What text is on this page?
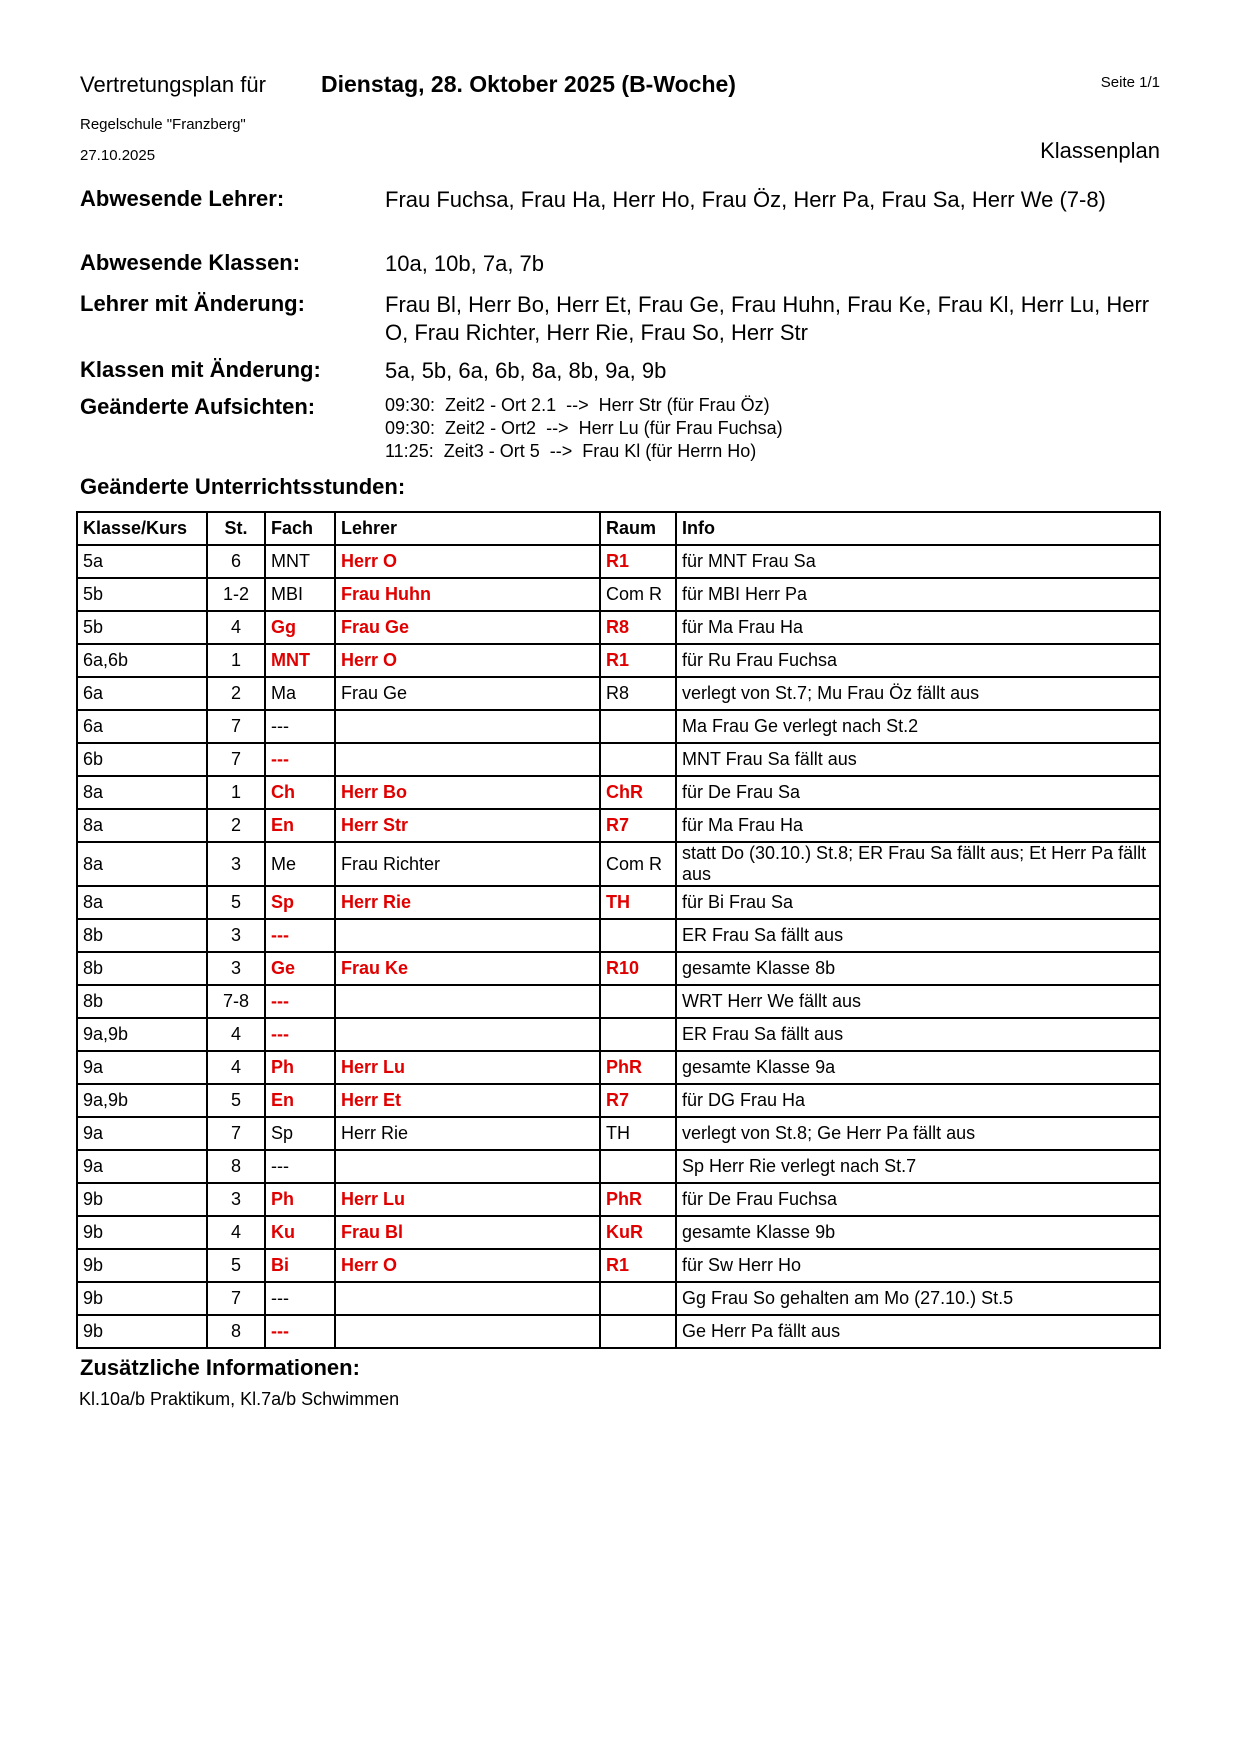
Vertretungsplan für Dienstag, 28. Oktober 2025 (B-Woche)	Seite 1/1
Regelschule "Franzberg"
27.10.2025	Klassenplan
Abwesende Lehrer:	Frau Fuchsa, Frau Ha, Herr Ho, Frau Öz, Herr Pa, Frau Sa, Herr We (7-8)
Abwesende Klassen:	10a, 10b, 7a, 7b
Lehrer mit Änderung:	Frau Bl, Herr Bo, Herr Et, Frau Ge, Frau Huhn, Frau Ke, Frau Kl, Herr Lu, Herr O, Frau Richter, Herr Rie, Frau So, Herr Str
Klassen mit Änderung:	5a, 5b, 6a, 6b, 8a, 8b, 9a, 9b
Geänderte Aufsichten:	09:30:  Zeit2 - Ort 2.1  -->  Herr Str (für Frau Öz)
09:30:  Zeit2 - Ort2  -->  Herr Lu (für Frau Fuchsa)
11:25:  Zeit3 - Ort 5  -->  Frau Kl (für Herrn Ho)
Geänderte Unterrichtsstunden:
Klasse/Kurs	St.	Fach	Lehrer	Raum	Info
5a	6	MNT	Herr O	R1	für MNT Frau Sa
5b	1-2	MBI	Frau Huhn	Com R	für MBI Herr Pa
5b	4	Gg	Frau Ge	R8	für Ma Frau Ha
6a,6b	1	MNT	Herr O	R1	für Ru Frau Fuchsa
6a	2	Ma	Frau Ge	R8	verlegt von St.7; Mu Frau Öz fällt aus
6a	7	---			Ma Frau Ge verlegt nach St.2
6b	7	---			MNT Frau Sa fällt aus
8a	1	Ch	Herr Bo	ChR	für De Frau Sa
8a	2	En	Herr Str	R7	für Ma Frau Ha
8a	3	Me	Frau Richter	Com R	statt Do (30.10.) St.8; ER Frau Sa fällt aus; Et Herr Pa fällt aus
8a	5	Sp	Herr Rie	TH	für Bi Frau Sa
8b	3	---			ER Frau Sa fällt aus
8b	3	Ge	Frau Ke	R10	gesamte Klasse 8b
8b	7-8	---			WRT Herr We fällt aus
9a,9b	4	---			ER Frau Sa fällt aus
9a	4	Ph	Herr Lu	PhR	gesamte Klasse 9a
9a,9b	5	En	Herr Et	R7	für DG Frau Ha
9a	7	Sp	Herr Rie	TH	verlegt von St.8; Ge Herr Pa fällt aus
9a	8	---			Sp Herr Rie verlegt nach St.7
9b	3	Ph	Herr Lu	PhR	für De Frau Fuchsa
9b	4	Ku	Frau Bl	KuR	gesamte Klasse 9b
9b	5	Bi	Herr O	R1	für Sw Herr Ho
9b	7	---			Gg Frau So gehalten am Mo (27.10.) St.5
9b	8	---			Ge Herr Pa fällt aus
Zusätzliche Informationen:
Kl.10a/b Praktikum, Kl.7a/b Schwimmen
